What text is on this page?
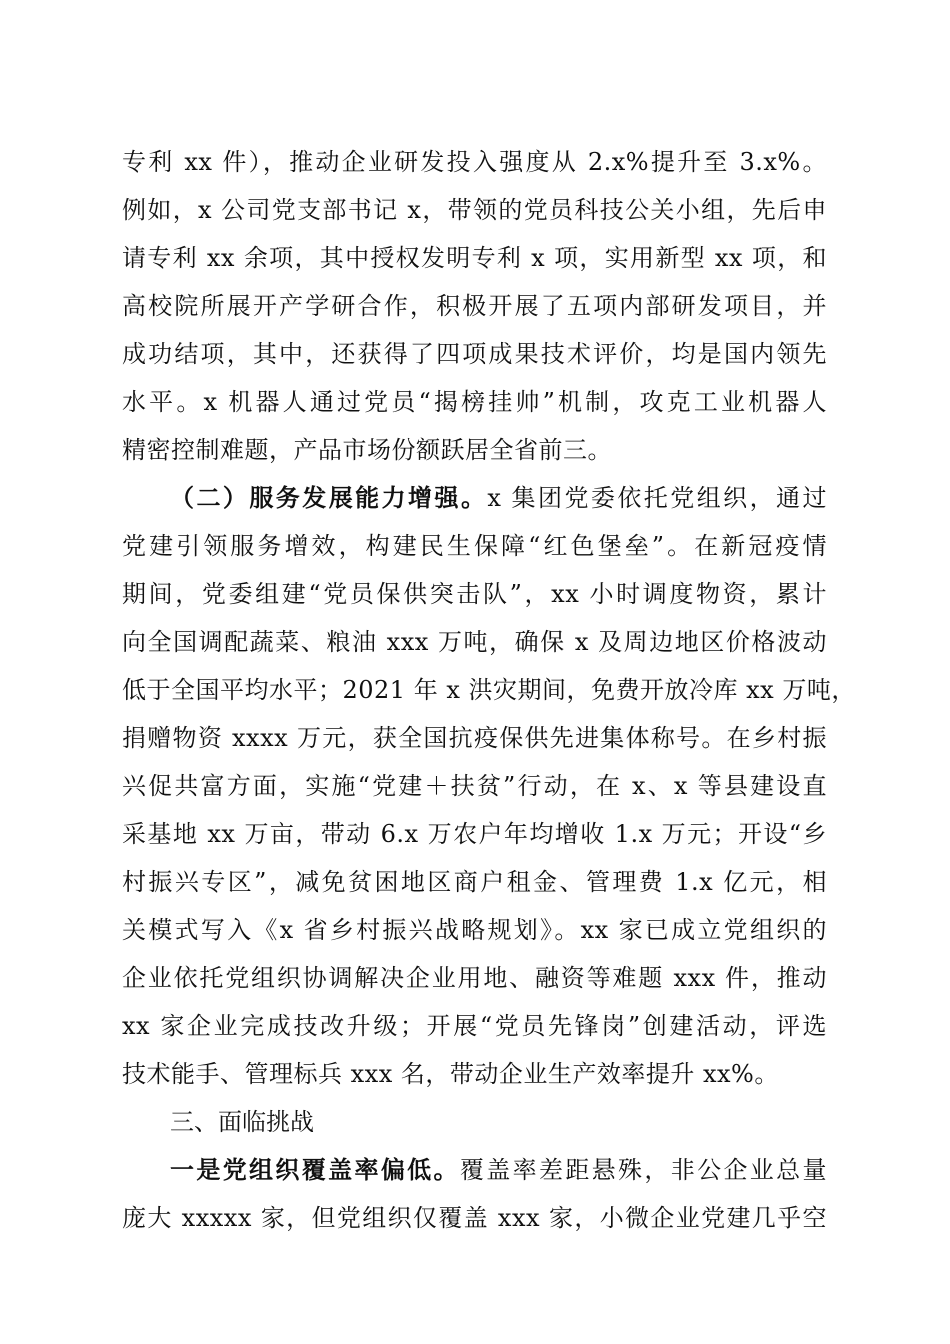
专利 xx 件），推动企业研发投入强度从 2.x%提升至 3.x%。
例如，x 公司党支部书记 x，带领的党员科技公关小组，先后申
请专利 xx 余项，其中授权发明专利 x 项，实用新型 xx 项，和
高校院所展开产学研合作，积极开展了五项内部研发项目，并
成功结项，其中，还获得了四项成果技术评价，均是国内领先
水平。x 机器人通过党员“揭榜挂帅”机制，攻克工业机器人
精密控制难题，产品市场份额跃居全省前三。
（二）服务发展能力增强。x 集团党委依托党组织，通过
党建引领服务增效，构建民生保障“红色堡垒”。在新冠疫情
期间，党委组建“党员保供突击队”，xx 小时调度物资，累计
向全国调配蔬菜、粮油 xxx 万吨，确保 x 及周边地区价格波动
低于全国平均水平；2021 年 x 洪灾期间，免费开放冷库 xx 万吨，
捐赠物资 xxxx 万元，获全国抗疫保供先进集体称号。在乡村振
兴促共富方面，实施“党建＋扶贫”行动，在 x、x 等县建设直
采基地 xx 万亩，带动 6.x 万农户年均增收 1.x 万元；开设“乡
村振兴专区”，减免贫困地区商户租金、管理费 1.x 亿元，相
关模式写入《x 省乡村振兴战略规划》。xx 家已成立党组织的
企业依托党组织协调解决企业用地、融资等难题 xxx 件，推动
xx 家企业完成技改升级；开展“党员先锋岗”创建活动，评选
技术能手、管理标兵 xxx 名，带动企业生产效率提升 xx%。
三、面临挑战
一是党组织覆盖率偏低。覆盖率差距悬殊，非公企业总量
庞大 xxxxx 家，但党组织仅覆盖 xxx 家，小微企业党建几乎空
